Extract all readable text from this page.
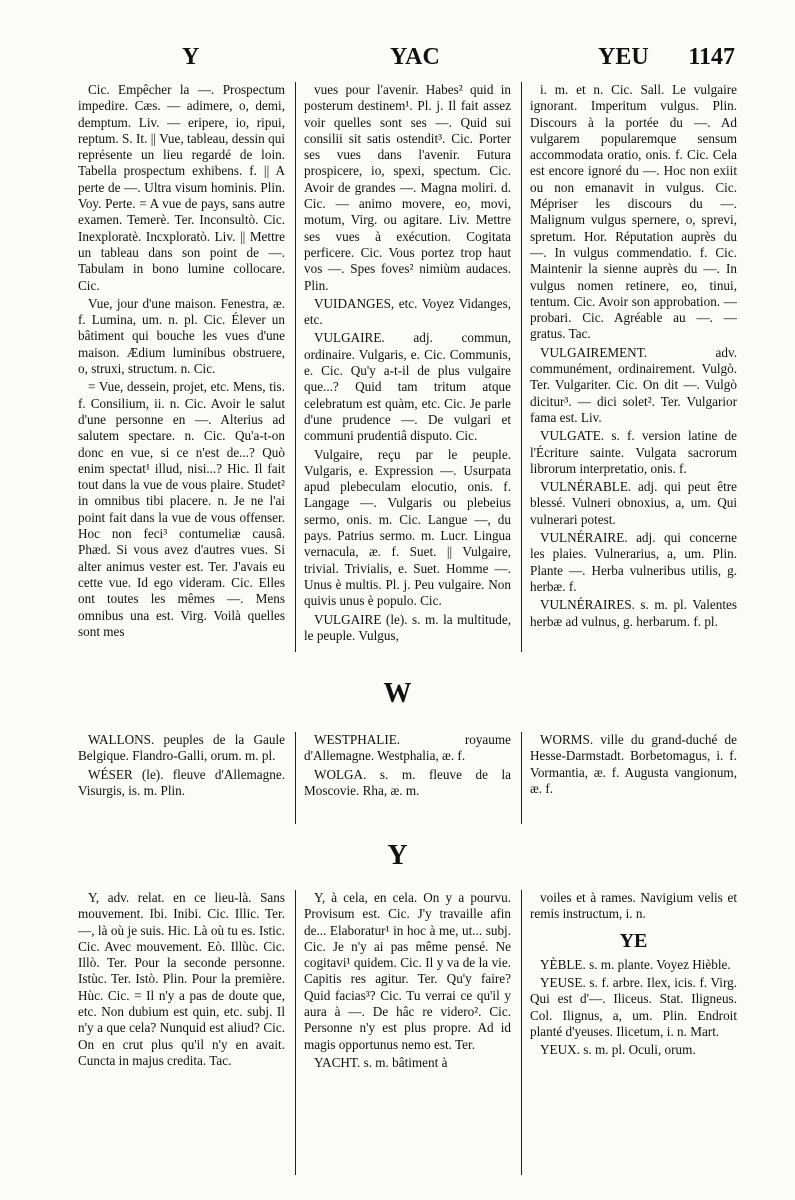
Y	YAC	YEU 1147

Cic. Empêcher la —. Prospectum impedire. Cæs. — adimere, o, demi, demptum. Liv. — eripere, io, ripui, reptum. S. It. || Vue, tableau, dessin qui représente un lieu regardé de loin. Tabella prospectum exhibens. f. || A perte de —. Ultra visum hominis. Plin. Voy. Perte. = A vue de pays, sans autre examen. Temerè. Ter. Inconsultò. Cic. Inexploratè. Incxploratò. Liv. || Mettre un tableau dans son point de —. Tabulam in bono lumine collocare. Cic.

Vue, jour d'une maison. Fenestra, æ. f. Lumina, um. n. pl. Cic. Élever un bâtiment qui bouche les vues d'une maison. Ædium luminibus obstruere, o, struxi, structum. n. Cic.

= Vue, dessein, projet, etc. Mens, tis. f. Consilium, ii. n. Cic. Avoir le salut d'une personne en —. Alterius ad salutem spectare. n. Cic. Qu'a-t-on donc en vue, si ce n'est de...? Quò enim spectat¹ illud, nisi...? Hic. Il fait tout dans la vue de vous plaire. Studet² in omnibus tibi placere. n. Je ne l'ai point fait dans la vue de vous offenser. Hoc non feci³ contumeliæ causâ. Phæd. Si vous avez d'autres vues. Si alter animus vester est. Ter. J'avais eu cette vue. Id ego videram. Cic. Elles ont toutes les mêmes —. Mens omnibus una est. Virg. Voilà quelles sont mes

vues pour l'avenir. Habes² quid in posterum destinem¹. Pl. j. Il fait assez voir quelles sont ses —. Quid sui consilii sit satis ostendit³. Cic. Porter ses vues dans l'avenir. Futura prospicere, io, spexi, spectum. Cic. Avoir de grandes —. Magna moliri. d. Cic. — animo movere, eo, movi, motum, Virg. ou agitare. Liv. Mettre ses vues à exécution. Cogitata perficere. Cic. Vous portez trop haut vos —. Spes foves² nimiùm audaces. Plin.

VUIDANGES, etc. Voyez Vidanges, etc.

VULGAIRE. adj. commun, ordinaire. Vulgaris, e. Cic. Communis, e. Cic. Qu'y a-t-il de plus vulgaire que...? Quid tam tritum atque celebratum est quàm, etc. Cic. Je parle d'une prudence —. De vulgari et communi prudentiâ disputo. Cic.

Vulgaire, reçu par le peuple. Vulgaris, e. Expression —. Usurpata apud plebeculam elocutio, onis. f. Langage —. Vulgaris ou plebeius sermo, onis. m. Cic. Langue —, du pays. Patrius sermo. m. Lucr. Lingua vernacula, æ. f. Suet. || Vulgaire, trivial. Trivialis, e. Suet. Homme —. Unus è multis. Pl. j. Peu vulgaire. Non quivis unus è populo. Cic.

VULGAIRE (le). s. m. la multitude, le peuple. Vulgus,

i. m. et n. Cic. Sall. Le vulgaire ignorant. Imperitum vulgus. Plin. Discours à la portée du —. Ad vulgarem popularemque sensum accommodata oratio, onis. f. Cic. Cela est encore ignoré du —. Hoc non exiit ou non emanavit in vulgus. Cic. Mépriser les discours du —. Malignum vulgus spernere, o, sprevi, spretum. Hor. Réputation auprès du —. In vulgus commendatio. f. Cic. Maintenir la sienne auprès du —. In vulgus nomen retinere, eo, tinui, tentum. Cic. Avoir son approbation. — probari. Cic. Agréable au —. — gratus. Tac.

VULGAIREMENT. adv. communément, ordinairement. Vulgò. Ter. Vulgariter. Cic. On dit —. Vulgò dicitur³. — dici solet². Ter. Vulgarior fama est. Liv.

VULGATE. s. f. version latine de l'Écriture sainte. Vulgata sacrorum librorum interpretatio, onis. f.

VULNÉRABLE. adj. qui peut être blessé. Vulneri obnoxius, a, um. Qui vulnerari potest.

VULNÉRAIRE. adj. qui concerne les plaies. Vulnerarius, a, um. Plin. Plante —. Herba vulneribus utilis, g. herbæ. f.

VULNÉRAIRES. s. m. pl. Valentes herbæ ad vulnus, g. herbarum. f. pl.

W

WALLONS. peuples de la Gaule Belgique. Flandro-Galli, orum. m. pl.

WÉSER (le). fleuve d'Allemagne. Visurgis, is. m. Plin.

WESTPHALIE. royaume d'Allemagne. Westphalia, æ. f.

WOLGA. s. m. fleuve de la Moscovie. Rha, æ. m.

WORMS. ville du grand-duché de Hesse-Darmstadt. Borbetomagus, i. f. Vormantia, æ. f. Augusta vangionum, æ. f.

Y

Y, adv. relat. en ce lieu-là. Sans mouvement. Ibi. Inibi. Cic. Illic. Ter. —, là où je suis. Hic. Là où tu es. Istic. Cic. Avec mouvement. Eò. Illùc. Cic. Illò. Ter. Pour la seconde personne. Istùc. Ter. Istò. Plin. Pour la première. Hùc. Cic. = Il n'y a pas de doute que, etc. Non dubium est quin, etc. subj. Il n'y a que cela? Nunquid est aliud? Cic. On en crut plus qu'il n'y en avait. Cuncta in majus credita. Tac.

Y, à cela, en cela. On y a pourvu. Provisum est. Cic. J'y travaille afin de... Elaboratur¹ in hoc à me, ut... subj. Cic. Je n'y ai pas même pensé. Ne cogitavi¹ quidem. Cic. Il y va de la vie. Capitis res agitur. Ter. Qu'y faire? Quid facias³? Cic. Tu verrai ce qu'il y aura à —. De hâc re videro². Cic. Personne n'y est plus propre. Ad id magis opportunus nemo est. Ter.

YACHT. s. m. bâtiment à

voiles et à rames. Navigium velis et remis instructum, i. n.

YE

YÈBLE. s. m. plante. Voyez Hièble.

YEUSE. s. f. arbre. Ilex, icis. f. Virg. Qui est d'—. Iliceus. Stat. Iligneus. Col. Ilignus, a, um. Plin. Endroit planté d'yeuses. Ilicetum, i. n. Mart.

YEUX. s. m. pl. Oculi, orum.
